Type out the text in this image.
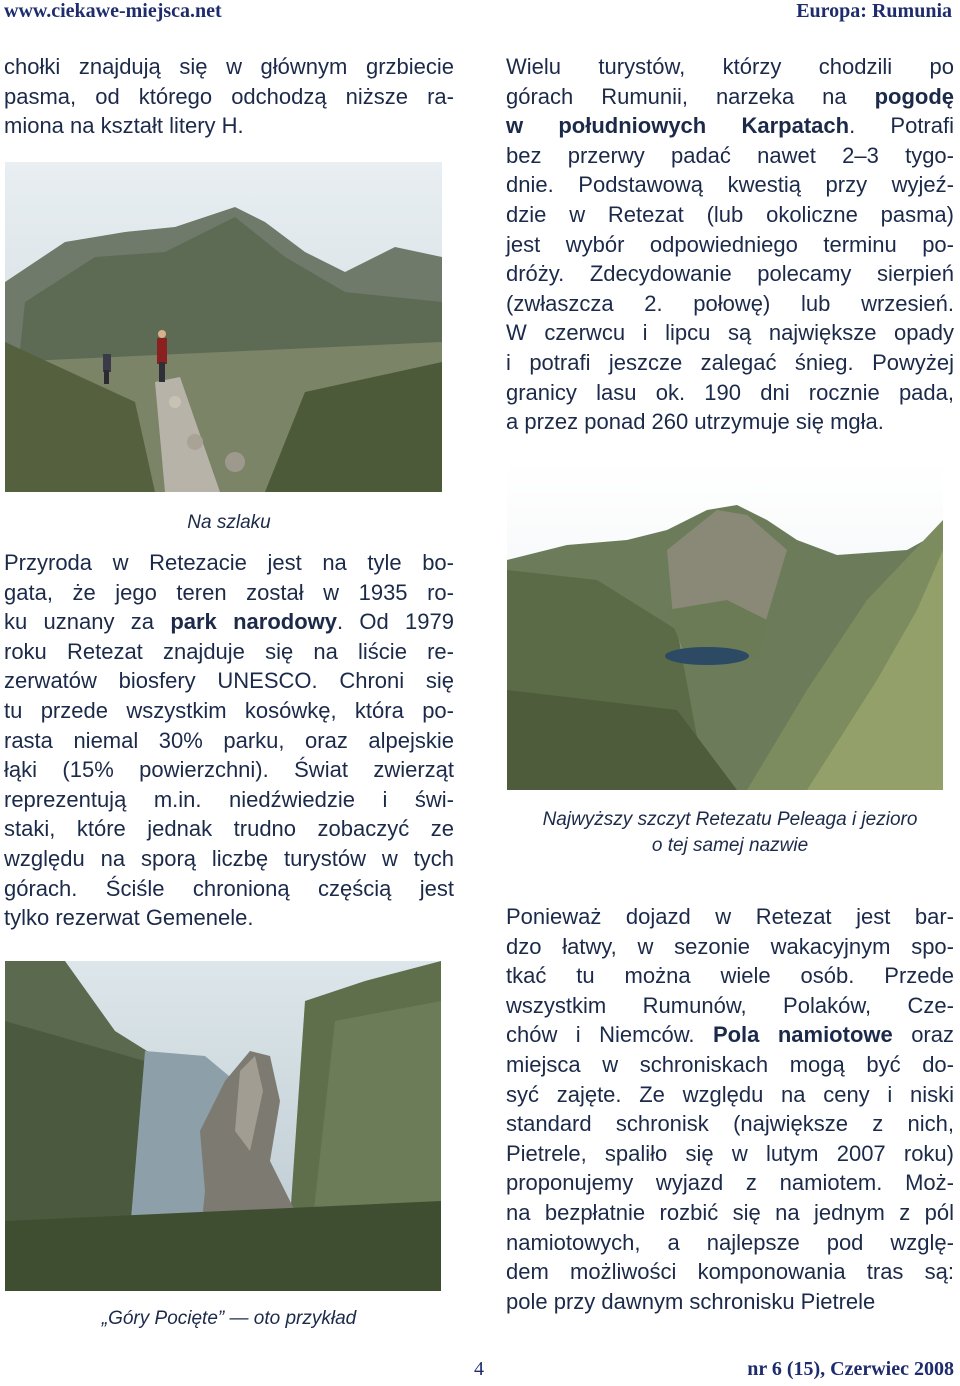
www.ciekawe-miejsca.net	Europa: Rumunia
chołki znajdują się w głównym grzbiecie
pasma, od którego odchodzą niższe ra-
miona na kształt litery H.
Na szlaku
Przyroda w Retezacie jest na tyle bo-
gata, że jego teren został w 1935 ro-
ku uznany za park narodowy. Od 1979
roku Retezat znajduje się na liście re-
zerwatów biosfery UNESCO. Chroni się
tu przede wszystkim kosówkę, która po-
rasta niemal 30% parku, oraz alpejskie
łąki (15% powierzchni). Świat zwierząt
reprezentują m.in. niedźwiedzie i świ-
staki, które jednak trudno zobaczyć ze
względu na sporą liczbę turystów w tych
górach. Ściśle chronioną częścią jest
tylko rezerwat Gemenele.
„Góry Pocięte” — oto przykład
Wielu turystów, którzy chodzili po
górach Rumunii, narzeka na pogodę
w południowych Karpatach. Potrafi
bez przerwy padać nawet 2–3 tygo-
dnie. Podstawową kwestią przy wyjeź-
dzie w Retezat (lub okoliczne pasma)
jest wybór odpowiedniego terminu po-
dróży. Zdecydowanie polecamy sierpień
(zwłaszcza 2. połowę) lub wrzesień.
W czerwcu i lipcu są największe opady
i potrafi jeszcze zalegać śnieg. Powyżej
granicy lasu ok. 190 dni rocznie pada,
a przez ponad 260 utrzymuje się mgła.
Najwyższy szczyt Retezatu Peleaga i jezioro
o tej samej nazwie
Ponieważ dojazd w Retezat jest bar-
dzo łatwy, w sezonie wakacyjnym spo-
tkać tu można wiele osób. Przede
wszystkim Rumunów, Polaków, Cze-
chów i Niemców. Pola namiotowe oraz
miejsca w schroniskach mogą być do-
syć zajęte. Ze względu na ceny i niski
standard schronisk (największe z nich,
Pietrele, spaliło się w lutym 2007 roku)
proponujemy wyjazd z namiotem. Moż-
na bezpłatnie rozbić się na jednym z pól
namiotowych, a najlepsze pod wzglę-
dem możliwości komponowania tras są:
pole przy dawnym schronisku Pietrele
4	nr 6 (15), Czerwiec 2008
